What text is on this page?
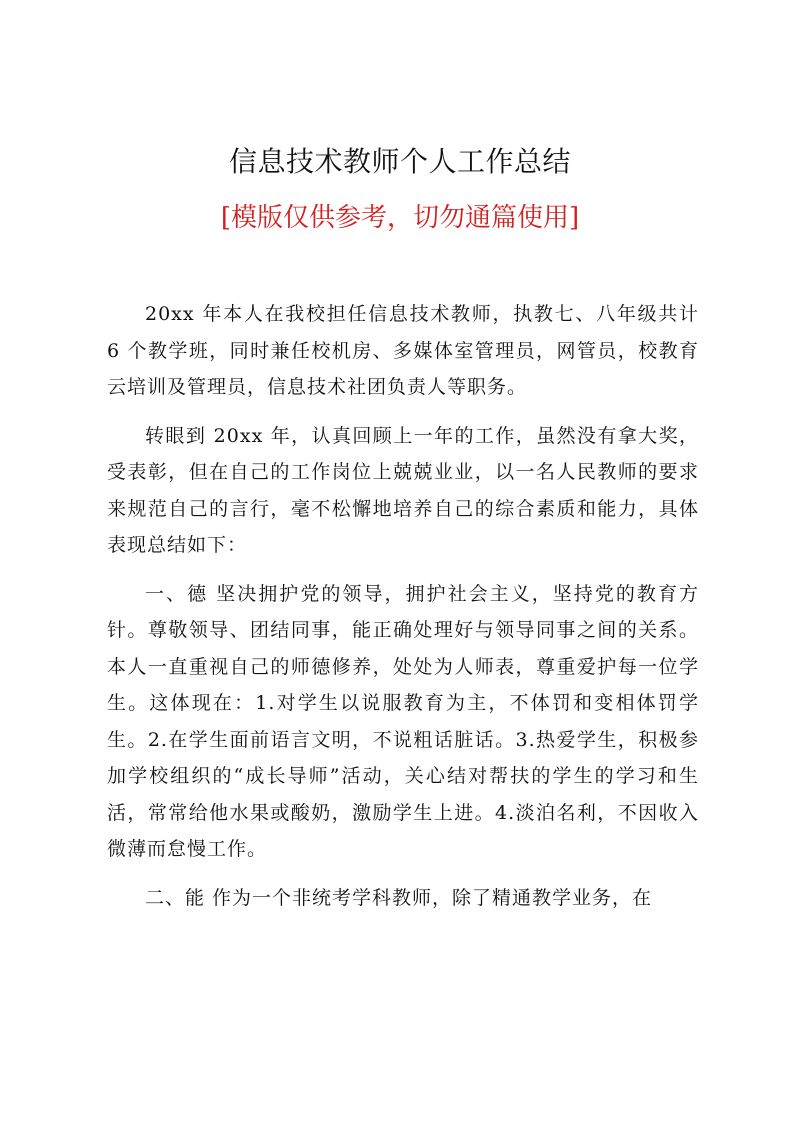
信息技术教师个人工作总结
[模版仅供参考，切勿通篇使用]

20xx 年本人在我校担任信息技术教师，执教七、八年级共计 6 个教学班，同时兼任校机房、多媒体室管理员，网管员，校教育云培训及管理员，信息技术社团负责人等职务。

转眼到 20xx 年，认真回顾上一年的工作，虽然没有拿大奖，受表彰，但在自己的工作岗位上兢兢业业，以一名人民教师的要求来规范自己的言行，毫不松懈地培养自己的综合素质和能力，具体表现总结如下：

一、德 坚决拥护党的领导，拥护社会主义，坚持党的教育方针。尊敬领导、团结同事，能正确处理好与领导同事之间的关系。本人一直重视自己的师德修养，处处为人师表，尊重爱护每一位学生。这体现在：1.对学生以说服教育为主，不体罚和变相体罚学生。2.在学生面前语言文明，不说粗话脏话。3.热爱学生，积极参加学校组织的“成长导师”活动，关心结对帮扶的学生的学习和生活，常常给他水果或酸奶，激励学生上进。4.淡泊名利，不因收入微薄而怠慢工作。

二、能 作为一个非统考学科教师，除了精通教学业务，在
